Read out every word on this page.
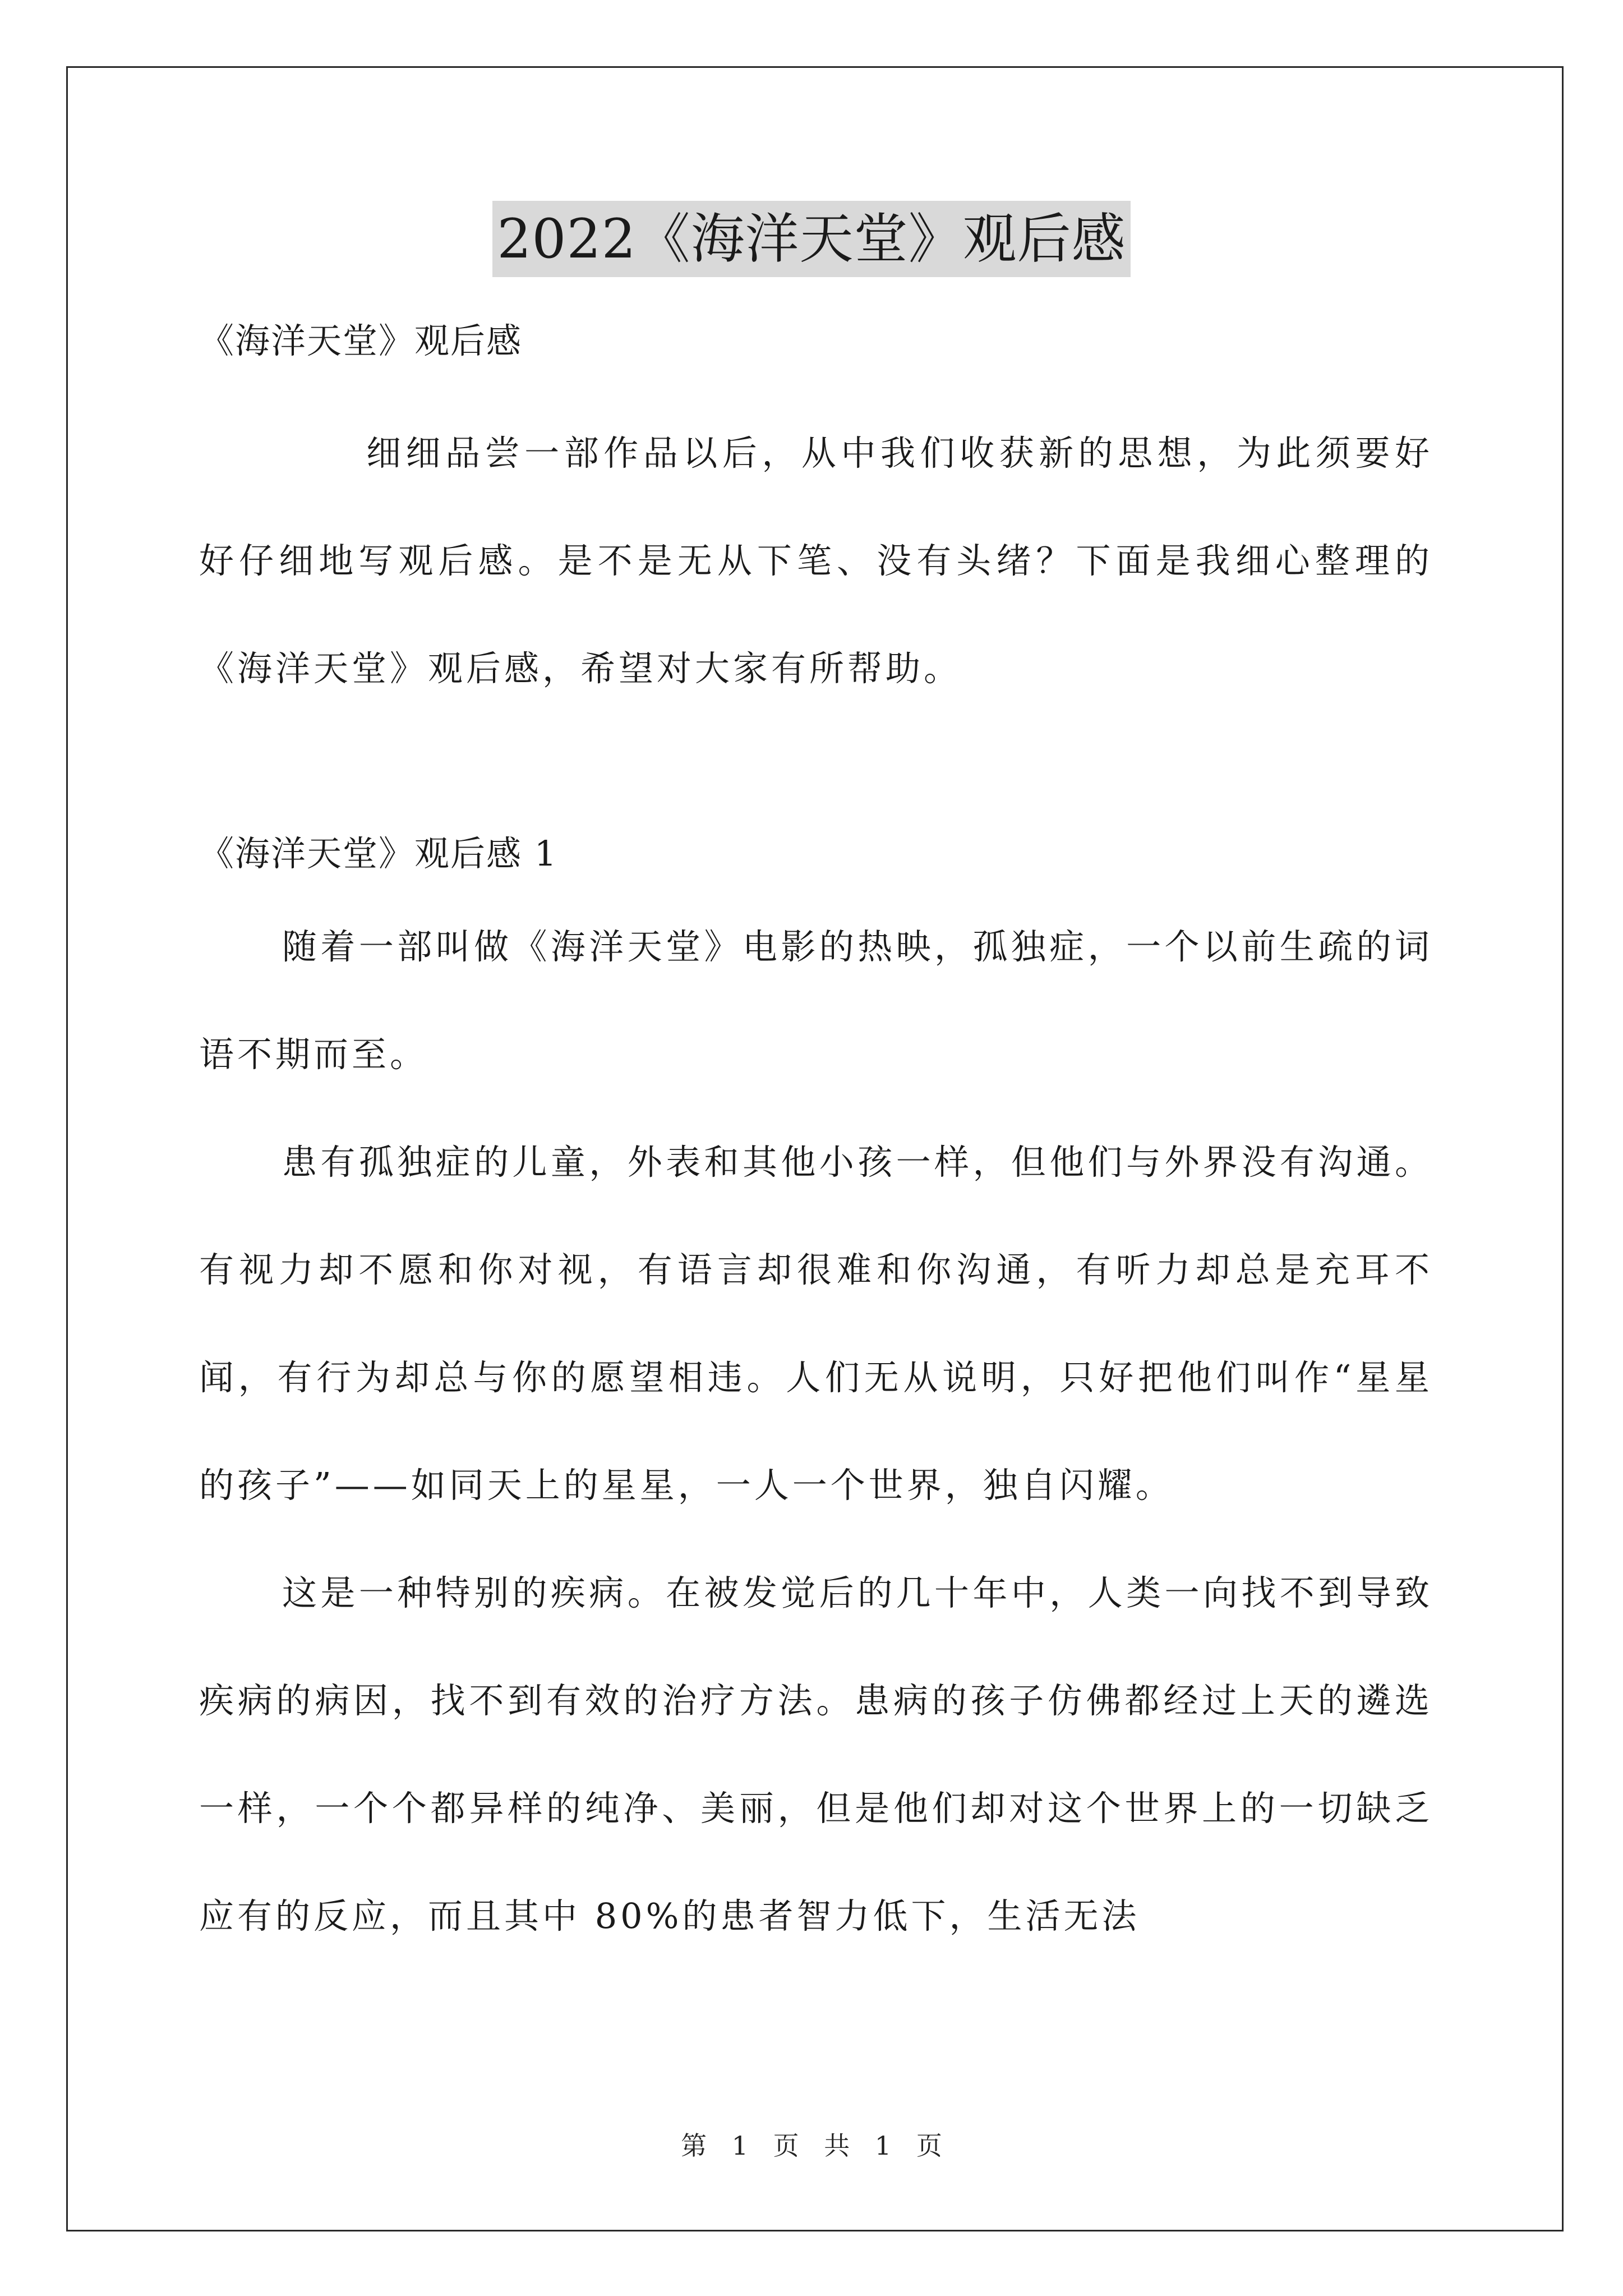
2022《海洋天堂》观后感

《海洋天堂》观后感

细细品尝一部作品以后，从中我们收获新的思想，为此须要好好仔细地写观后感。是不是无从下笔、没有头绪？下面是我细心整理的《海洋天堂》观后感，希望对大家有所帮助。

《海洋天堂》观后感 1

随着一部叫做《海洋天堂》电影的热映，孤独症，一个以前生疏的词语不期而至。

患有孤独症的儿童，外表和其他小孩一样，但他们与外界没有沟通。有视力却不愿和你对视，有语言却很难和你沟通，有听力却总是充耳不闻，有行为却总与你的愿望相违。人们无从说明，只好把他们叫作“星星的孩子”——如同天上的星星，一人一个世界，独自闪耀。

这是一种特别的疾病。在被发觉后的几十年中，人类一向找不到导致疾病的病因，找不到有效的治疗方法。患病的孩子仿佛都经过上天的遴选一样，一个个都异样的纯净、美丽，但是他们却对这个世界上的一切缺乏应有的反应，而且其中 80%的患者智力低下，生活无法

第 1 页 共 1 页
